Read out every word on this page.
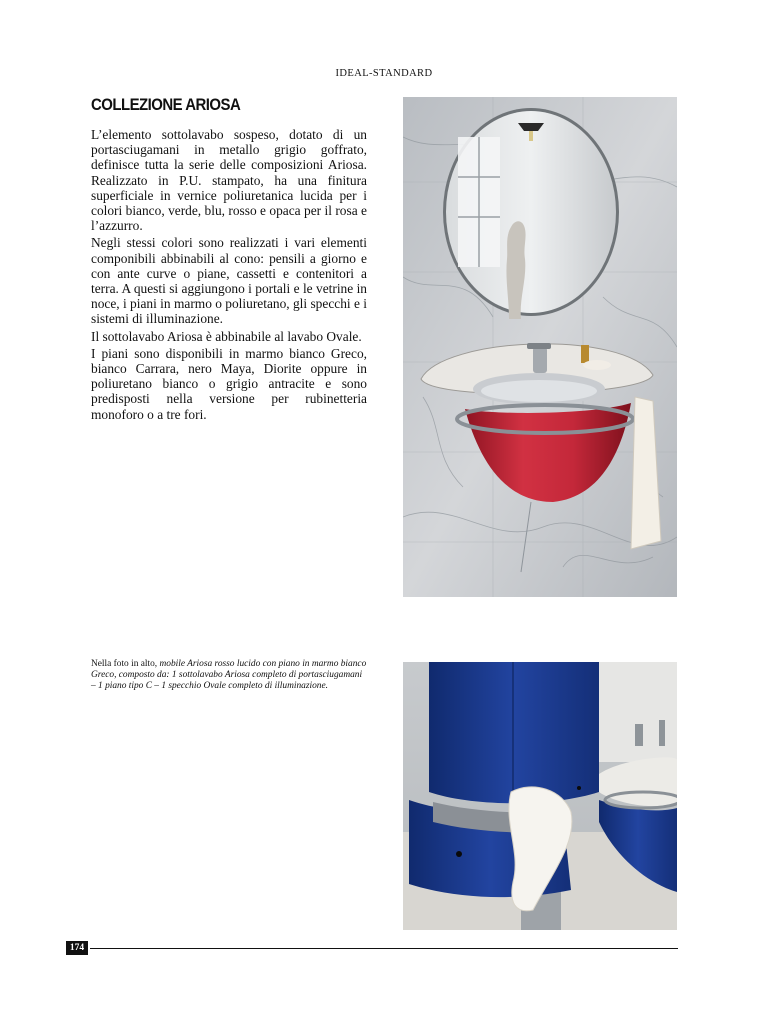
IDEAL-STANDARD
COLLEZIONE ARIOSA

L’elemento sottolavabo sospeso, dotato di un portasciugamani in metallo grigio goffrato, definisce tutta la serie delle composizioni Ariosa. Realizzato in P.U. stampato, ha una finitura superficiale in vernice poliuretanica lucida per i colori bianco, verde, blu, rosso e opaca per il rosa e l’azzurro.

Negli stessi colori sono realizzati i vari elementi componibili abbinabili al cono: pensili a giorno e con ante curve o piane, cassetti e contenitori a terra. A questi si aggiungono i portali e le vetrine in noce, i piani in marmo o poliuretano, gli specchi e i sistemi di illuminazione.

Il sottolavabo Ariosa è abbinabile al lavabo Ovale.

I piani sono disponibili in marmo bianco Greco, bianco Carrara, nero Maya, Diorite oppure in poliuretano bianco o grigio antracite e sono predisposti nella versione per rubinetteria monoforo o a tre fori.

Nella foto in alto, mobile Ariosa rosso lucido con piano in marmo bianco Greco, composto da: 1 sottolavabo Ariosa completo di portasciugamani – 1 piano tipo C – 1 specchio Ovale completo di illuminazione.
174
